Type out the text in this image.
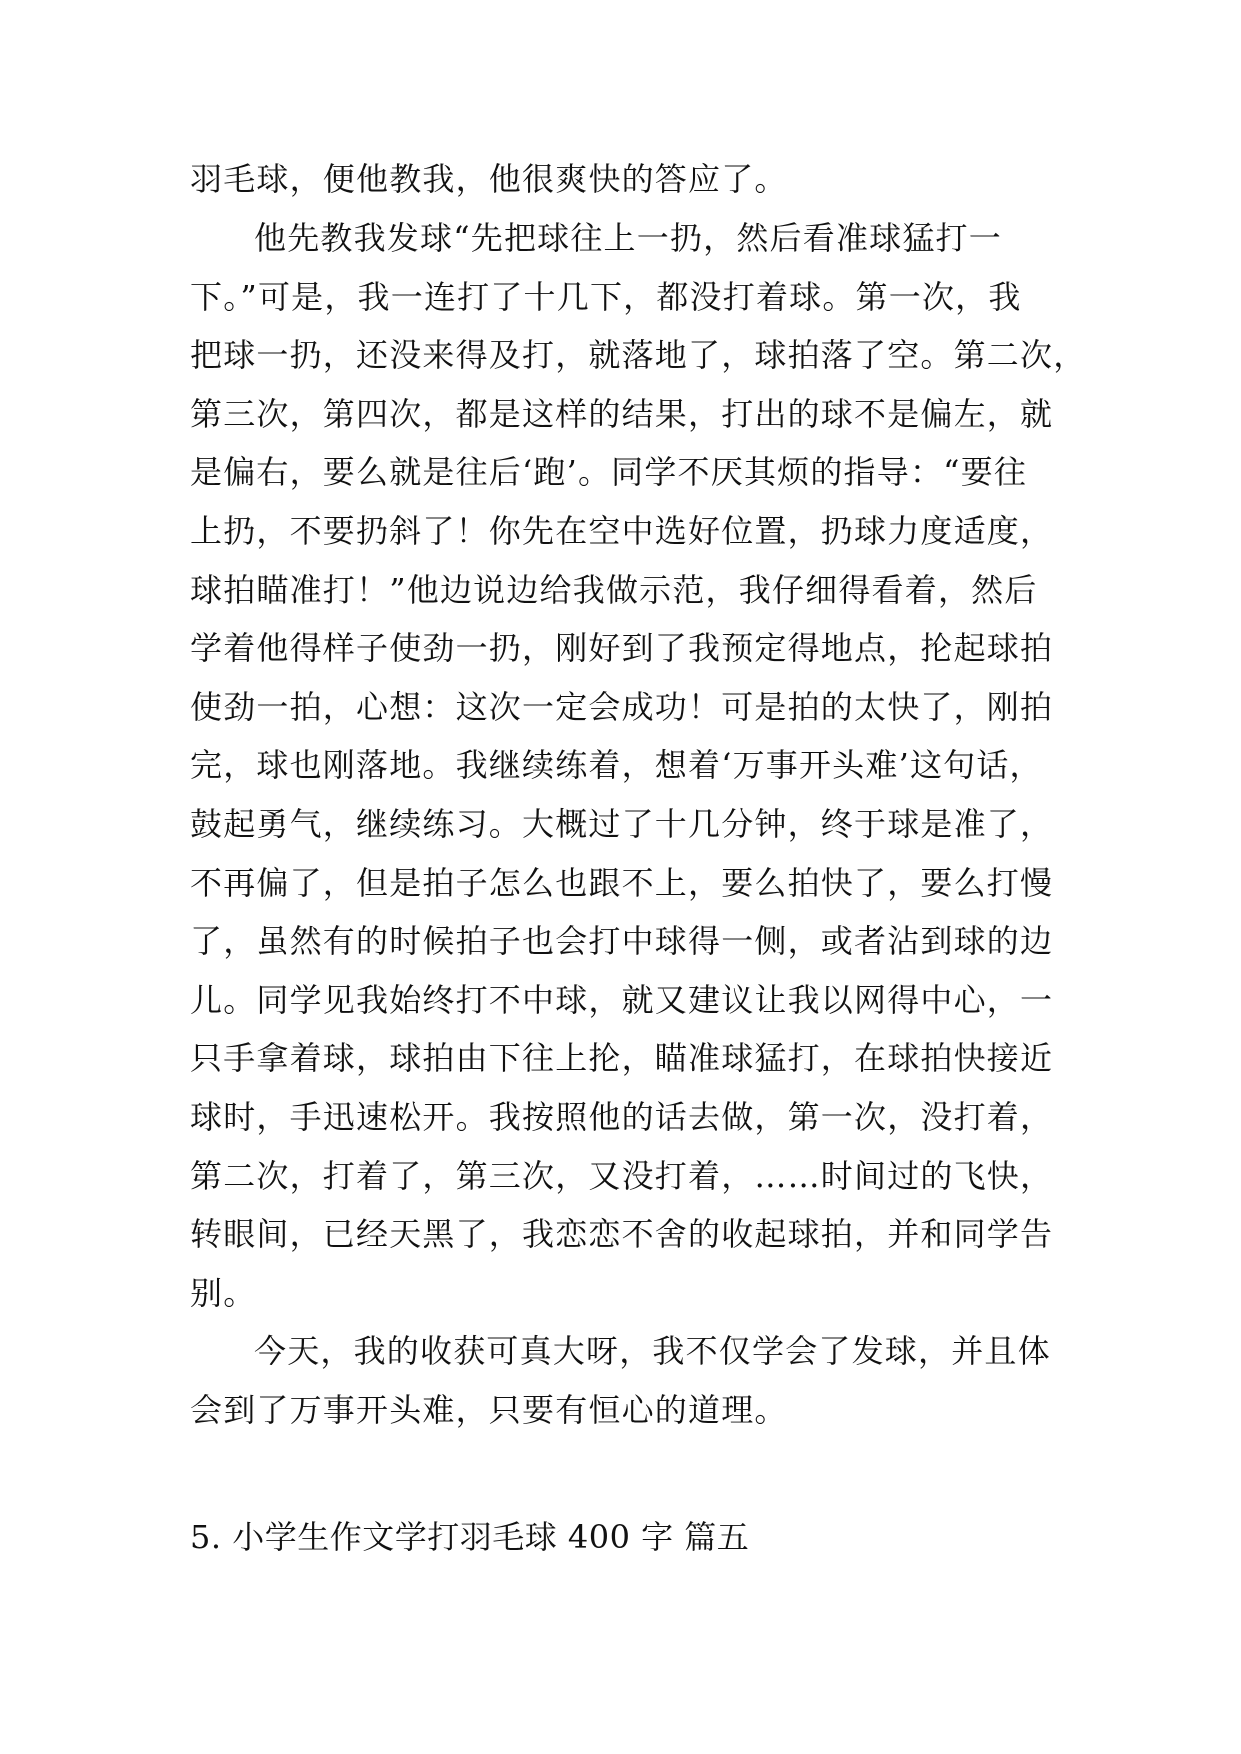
羽毛球，便他教我，他很爽快的答应了。
他先教我发球“先把球往上一扔，然后看准球猛打一
下。”可是，我一连打了十几下，都没打着球。第一次，我
把球一扔，还没来得及打，就落地了，球拍落了空。第二次，
第三次，第四次，都是这样的结果，打出的球不是偏左，就
是偏右，要么就是往后‘跑’。同学不厌其烦的指导：“要往
上扔，不要扔斜了！你先在空中选好位置，扔球力度适度，
球拍瞄准打！”他边说边给我做示范，我仔细得看着，然后
学着他得样子使劲一扔，刚好到了我预定得地点，抡起球拍
使劲一拍，心想：这次一定会成功！可是拍的太快了，刚拍
完，球也刚落地。我继续练着，想着‘万事开头难’这句话，
鼓起勇气，继续练习。大概过了十几分钟，终于球是准了，
不再偏了，但是拍子怎么也跟不上，要么拍快了，要么打慢
了，虽然有的时候拍子也会打中球得一侧，或者沾到球的边
儿。同学见我始终打不中球，就又建议让我以网得中心，一
只手拿着球，球拍由下往上抡，瞄准球猛打，在球拍快接近
球时，手迅速松开。我按照他的话去做，第一次，没打着，
第二次，打着了，第三次，又没打着，……时间过的飞快，
转眼间，已经天黑了，我恋恋不舍的收起球拍，并和同学告
别。
今天，我的收获可真大呀，我不仅学会了发球，并且体
会到了万事开头难，只要有恒心的道理。
5. 小学生作文学打羽毛球 400 字 篇五
